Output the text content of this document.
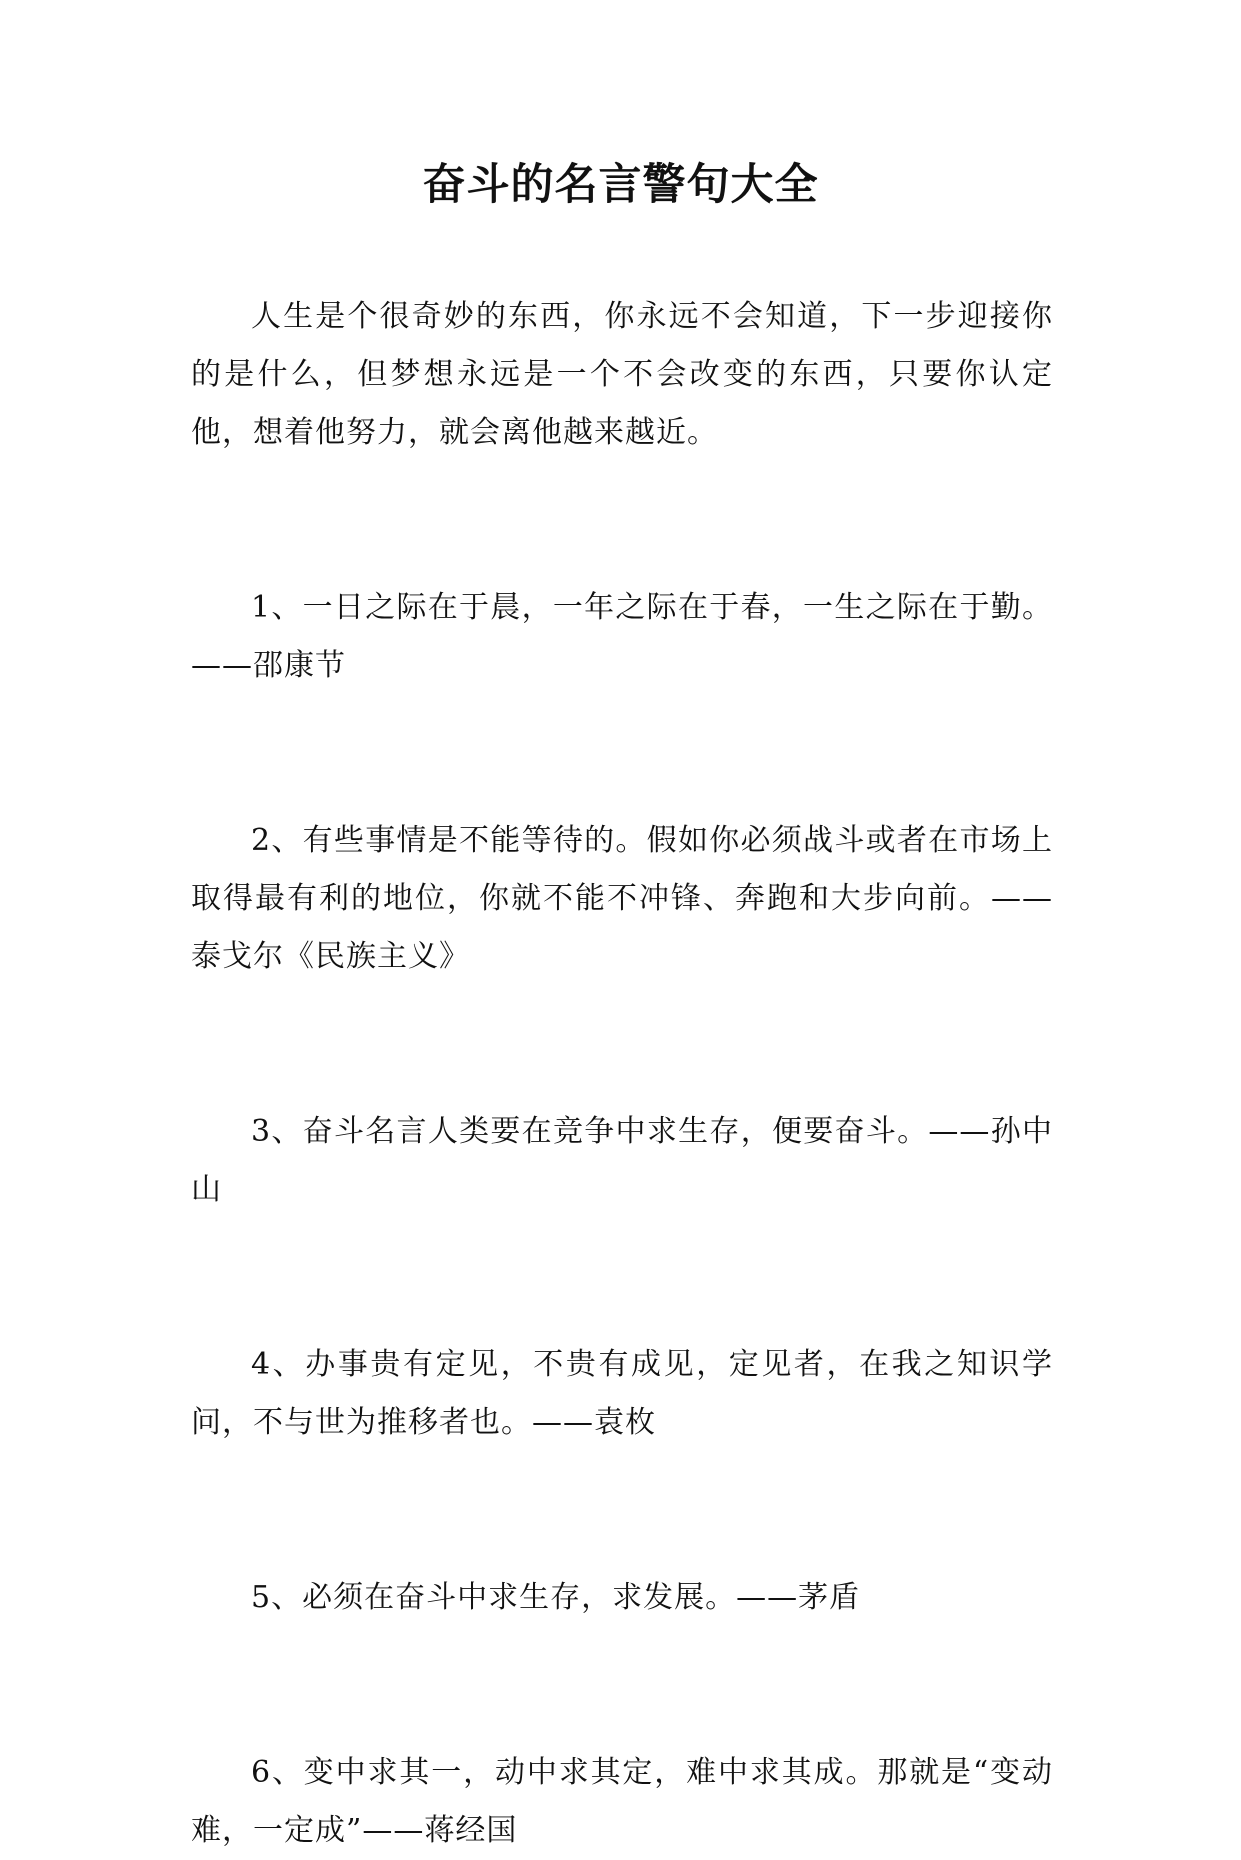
奋斗的名言警句大全

人生是个很奇妙的东西，你永远不会知道，下一步迎接你的是什么，但梦想永远是一个不会改变的东西，只要你认定他，想着他努力，就会离他越来越近。

1、一日之际在于晨，一年之际在于春，一生之际在于勤。——邵康节

2、有些事情是不能等待的。假如你必须战斗或者在市场上取得最有利的地位，你就不能不冲锋、奔跑和大步向前。——泰戈尔《民族主义》

3、奋斗名言人类要在竞争中求生存，便要奋斗。——孙中山

4、办事贵有定见，不贵有成见，定见者，在我之知识学问，不与世为推移者也。——袁枚

5、必须在奋斗中求生存，求发展。——茅盾

6、变中求其一，动中求其定，难中求其成。那就是“变动难，一定成”——蒋经国
